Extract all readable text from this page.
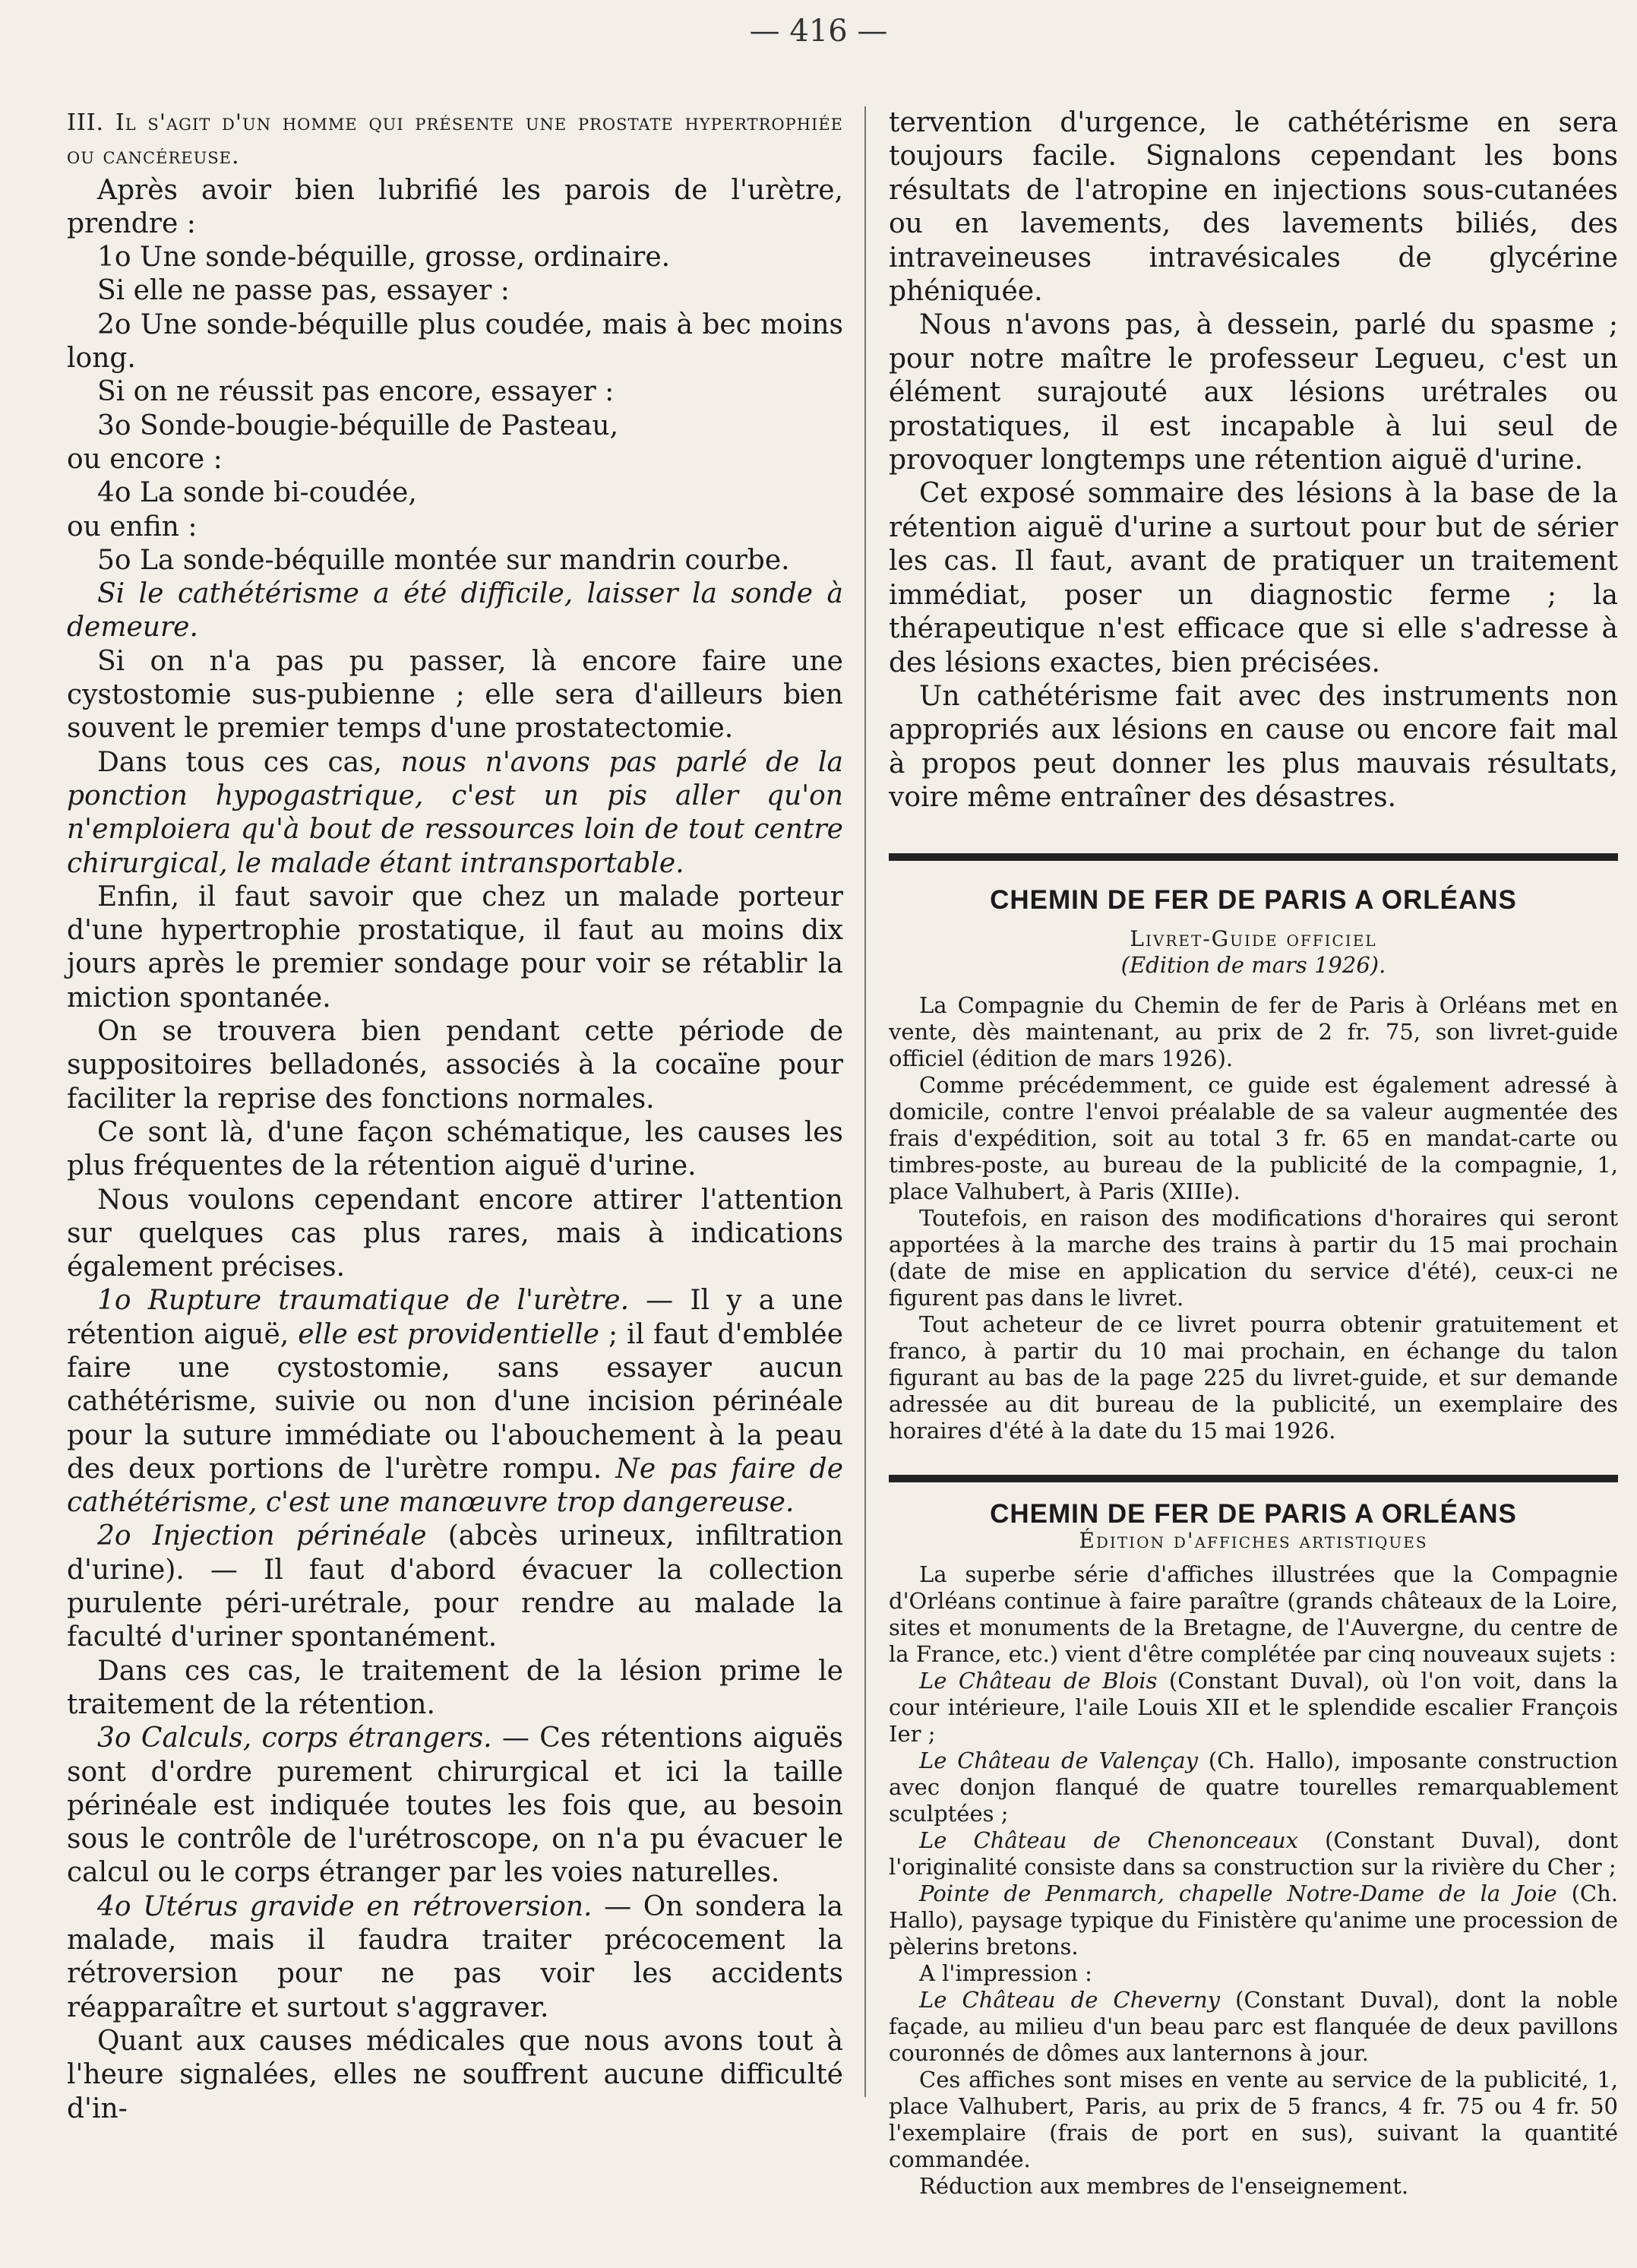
— 416 —

III. Il s'agit d'un homme qui présente une prostate hypertrophiée ou cancéreuse.

Après avoir bien lubrifié les parois de l'urètre, prendre :

1o Une sonde-béquille, grosse, ordinaire.

Si elle ne passe pas, essayer :

2o Une sonde-béquille plus coudée, mais à bec moins long.

Si on ne réussit pas encore, essayer :

3o Sonde-bougie-béquille de Pasteau,

ou encore :

4o La sonde bi-coudée,

ou enfin :

5o La sonde-béquille montée sur mandrin courbe.

Si le cathétérisme a été difficile, laisser la sonde à demeure.

Si on n'a pas pu passer, là encore faire une cystostomie sus-pubienne ; elle sera d'ailleurs bien souvent le premier temps d'une prostatectomie.

Dans tous ces cas, nous n'avons pas parlé de la ponction hypogastrique, c'est un pis aller qu'on n'emploiera qu'à bout de ressources loin de tout centre chirurgical, le malade étant intransportable.

Enfin, il faut savoir que chez un malade porteur d'une hypertrophie prostatique, il faut au moins dix jours après le premier sondage pour voir se rétablir la miction spontanée.

On se trouvera bien pendant cette période de suppositoires belladonés, associés à la cocaïne pour faciliter la reprise des fonctions normales.

Ce sont là, d'une façon schématique, les causes les plus fréquentes de la rétention aiguë d'urine.

Nous voulons cependant encore attirer l'attention sur quelques cas plus rares, mais à indications également précises.

1o Rupture traumatique de l'urètre. — Il y a une rétention aiguë, elle est providentielle ; il faut d'emblée faire une cystostomie, sans essayer aucun cathétérisme, suivie ou non d'une incision périnéale pour la suture immédiate ou l'abouchement à la peau des deux portions de l'urètre rompu. Ne pas faire de cathétérisme, c'est une manœuvre trop dangereuse.

2o Injection périnéale (abcès urineux, infiltration d'urine). — Il faut d'abord évacuer la collection purulente péri-urétrale, pour rendre au malade la faculté d'uriner spontanément.

Dans ces cas, le traitement de la lésion prime le traitement de la rétention.

3o Calculs, corps étrangers. — Ces rétentions aiguës sont d'ordre purement chirurgical et ici la taille périnéale est indiquée toutes les fois que, au besoin sous le contrôle de l'urétroscope, on n'a pu évacuer le calcul ou le corps étranger par les voies naturelles.

4o Utérus gravide en rétroversion. — On sondera la malade, mais il faudra traiter précocement la rétroversion pour ne pas voir les accidents réapparaître et surtout s'aggraver.

Quant aux causes médicales que nous avons tout à l'heure signalées, elles ne souffrent aucune difficulté d'in-

tervention d'urgence, le cathétérisme en sera toujours facile. Signalons cependant les bons résultats de l'atropine en injections sous-cutanées ou en lavements, des lavements biliés, des intraveineuses intravésicales de glycérine phéniquée.

Nous n'avons pas, à dessein, parlé du spasme ; pour notre maître le professeur Legueu, c'est un élément surajouté aux lésions urétrales ou prostatiques, il est incapable à lui seul de provoquer longtemps une rétention aiguë d'urine.

Cet exposé sommaire des lésions à la base de la rétention aiguë d'urine a surtout pour but de sérier les cas. Il faut, avant de pratiquer un traitement immédiat, poser un diagnostic ferme ; la thérapeutique n'est efficace que si elle s'adresse à des lésions exactes, bien précisées.

Un cathétérisme fait avec des instruments non appropriés aux lésions en cause ou encore fait mal à propos peut donner les plus mauvais résultats, voire même entraîner des désastres.

CHEMIN DE FER DE PARIS A ORLÉANS

Livret-Guide officiel

(Edition de mars 1926).

La Compagnie du Chemin de fer de Paris à Orléans met en vente, dès maintenant, au prix de 2 fr. 75, son livret-guide officiel (édition de mars 1926).

Comme précédemment, ce guide est également adressé à domicile, contre l'envoi préalable de sa valeur augmentée des frais d'expédition, soit au total 3 fr. 65 en mandat-carte ou timbres-poste, au bureau de la publicité de la compagnie, 1, place Valhubert, à Paris (XIIIe).

Toutefois, en raison des modifications d'horaires qui seront apportées à la marche des trains à partir du 15 mai prochain (date de mise en application du service d'été), ceux-ci ne figurent pas dans le livret.

Tout acheteur de ce livret pourra obtenir gratuitement et franco, à partir du 10 mai prochain, en échange du talon figurant au bas de la page 225 du livret-guide, et sur demande adressée au dit bureau de la publicité, un exemplaire des horaires d'été à la date du 15 mai 1926.

CHEMIN DE FER DE PARIS A ORLÉANS

Édition d'affiches artistiques

La superbe série d'affiches illustrées que la Compagnie d'Orléans continue à faire paraître (grands châteaux de la Loire, sites et monuments de la Bretagne, de l'Auvergne, du centre de la France, etc.) vient d'être complétée par cinq nouveaux sujets :

Le Château de Blois (Constant Duval), où l'on voit, dans la cour intérieure, l'aile Louis XII et le splendide escalier François Ier ;

Le Château de Valençay (Ch. Hallo), imposante construction avec donjon flanqué de quatre tourelles remarquablement sculptées ;

Le Château de Chenonceaux (Constant Duval), dont l'originalité consiste dans sa construction sur la rivière du Cher ;

Pointe de Penmarch, chapelle Notre-Dame de la Joie (Ch. Hallo), paysage typique du Finistère qu'anime une procession de pèlerins bretons.

A l'impression :

Le Château de Cheverny (Constant Duval), dont la noble façade, au milieu d'un beau parc est flanquée de deux pavillons couronnés de dômes aux lanternons à jour.

Ces affiches sont mises en vente au service de la publicité, 1, place Valhubert, Paris, au prix de 5 francs, 4 fr. 75 ou 4 fr. 50 l'exemplaire (frais de port en sus), suivant la quantité commandée.

Réduction aux membres de l'enseignement.
